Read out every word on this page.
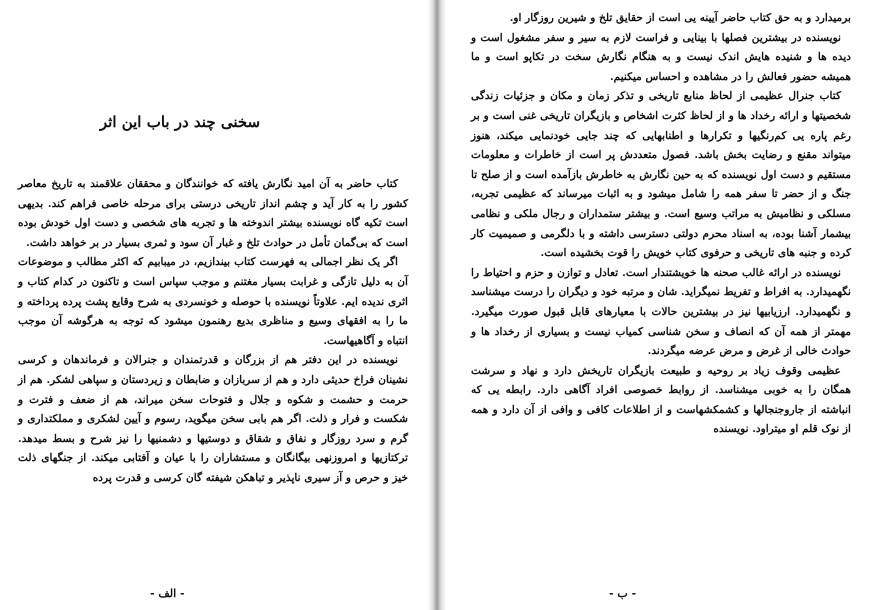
سخنی چند در باب این اثر

کتاب حاضر به آن امید نگارش یافته که خوانندگان و محققان علاقمند به تاریخ معاصر کشور را به کار آید و چشم انداز تاریخی درستی برای مرحله خاصی فراهم کند. بدیهی است تکیه گاه نویسنده بیشتر اندوخته ها و تجربه های شخصی و دست اول خودش بوده است که بی‌گمان تأمل در حوادث تلخ و غبار آن سود و ثمری بسیار در بر خواهد داشت.

اگر یک نظر اجمالی به فهرست کتاب بیندازیم، در میبابیم که اکثر مطالب و موضوعات آن به دلیل تازگی و غرابت بسیار مغتنم و موجب سپاس است و تاکنون در کدام کتاب و اثری ندیده ایم. علاوتاً نویسنده با حوصله و خونسردی به شرح وقایع پشت پرده پرداخته و ما را به افقهای وسیع و مناظری بدیع رهنمون میشود که توجه به هرگوشه آن موجب انتباه و آگاهیهاست.

نویسنده در این دفتر هم از بزرگان و قدرتمندان و جنرالان و فرماندهان و کرسی نشینان فراخ حدیثی دارد و هم از سربازان و ضابطان و زیردستان و سپاهی لشکر. هم از حرمت و حشمت و شکوه و جلال و فتوحات سخن میراند، هم از ضعف و فترت و شکست و فرار و ذلت. اگر هم بابی سخن میگوید، رسوم و آیین لشکری و مملکتداری و گرم و سرد روزگار و نفاق و شقاق و دوستیها و دشمنیها را نیز شرح و بسط میدهد. ترکتازیها و امروزنهی بیگانگان و مستشاران را با عیان و آفتابی میکند. از جنگهای ذلت خیز و حرص و آز سیری ناپذیر و تباهکن شیفته گان کرسی و قدرت پرده

- الف -

برمیدارد و به حق کتاب حاضر آیینه یی است از حقایق تلخ و شیرین روزگار او.

نویسنده در بیشترین فصلها با بینایی و فراست لازم به سیر و سفر مشغول است و دیده ها و شنیده هایش اندک نیست و به هنگام نگارش سخت در تکاپو است و ما همیشه حضور فعالش را در مشاهده و احساس میکنیم.

کتاب جنرال عظیمی از لحاظ منابع تاریخی و تذکر زمان و مکان و جزئیات زندگی شخصیتها و ارائه رخداد ها و از لحاظ کثرت اشخاص و بازیگران تاریخی غنی است و بر رغم پاره یی کم‌رنگیها و تکرارها و اطنابهایی که چند جایی خودنمایی میکند، هنوز میتواند مقنع و رضایت بخش باشد. فصول متعددش پر است از خاطرات و معلومات مستقیم و دست اول نویسنده که به حین نگارش به خاطرش بازآمده است و از صلح تا جنگ و از حضر تا سفر همه را شامل میشود و به اثبات میرساند که عظیمی تجربه، مسلکی و نظامیش به مراتب وسیع است. و بیشتر ستمداران و رجال ملکی و نظامی بیشمار آشنا بوده، به اسناد محرم دولتی دسترسی داشته و با دلگرمی و صمیمیت کار کرده و جنبه های تاریخی و حرفوی کتاب خویش را قوت بخشیده است.

نویسنده در ارائه غالب صحنه ها خویشتندار است. تعادل و توازن و حزم و احتیاط را نگهمیدارد. به افراط و تفریط نمیگراید. شان و مرتبه خود و دیگران را درست میشناسد و نگهمیدارد. ارزیابیها نیز در بیشترین حالات با معیارهای قابل قبول صورت میگیرد. مهمتر از همه آن که انصاف و سخن شناسی کمیاب نیست و بسیاری از رخداد ها و حوادث خالی از غرض و مرض عرضه میگردند.

عظیمی وقوف زیاد بر روحیه و طبیعت بازیگران تاریخش دارد و نهاد و سرشت همگان را به خوبی میشناسد. از روابط خصوصی افراد آگاهی دارد. رابطه یی که انباشته از جاروجنجالها و کشمکشهاست و از اطلاعات کافی و وافی از آن دارد و همه از نوک قلم او میتراود. نویسنده

- ب -
